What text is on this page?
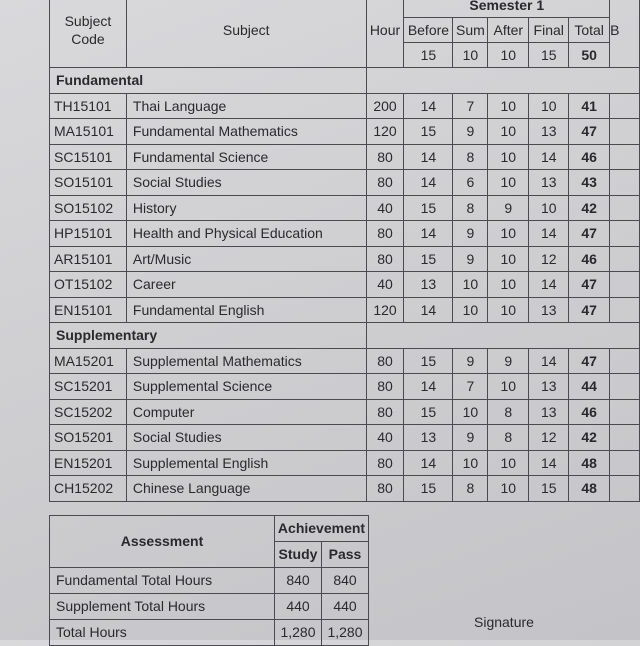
Subject Code	Subject	Hour	Semester 1					B
			Before	Sum	After	Final	Total	
			15	10	10	15	50	
Fundamental								
TH15101	Thai Language	200	14	7	10	10	41	
MA15101	Fundamental Mathematics	120	15	9	10	13	47	
SC15101	Fundamental Science	80	14	8	10	14	46	
SO15101	Social Studies	80	14	6	10	13	43	
SO15102	History	40	15	8	9	10	42	
HP15101	Health and Physical Education	80	14	9	10	14	47	
AR15101	Art/Music	80	15	9	10	12	46	
OT15102	Career	40	13	10	10	14	47	
EN15101	Fundamental English	120	14	10	10	13	47	
Supplementary								
MA15201	Supplemental Mathematics	80	15	9	9	14	47	
SC15201	Supplemental Science	80	14	7	10	13	44	
SC15202	Computer	80	15	10	8	13	46	
SO15201	Social Studies	40	13	9	8	12	42	
EN15201	Supplemental English	80	14	10	10	14	48	
CH15202	Chinese Language	80	15	8	10	15	48	
Assessment	Achievement	
	Study	Pass
Fundamental Total Hours	840	840
Supplement Total Hours	440	440
Total Hours	1,280	1,280
Signature
